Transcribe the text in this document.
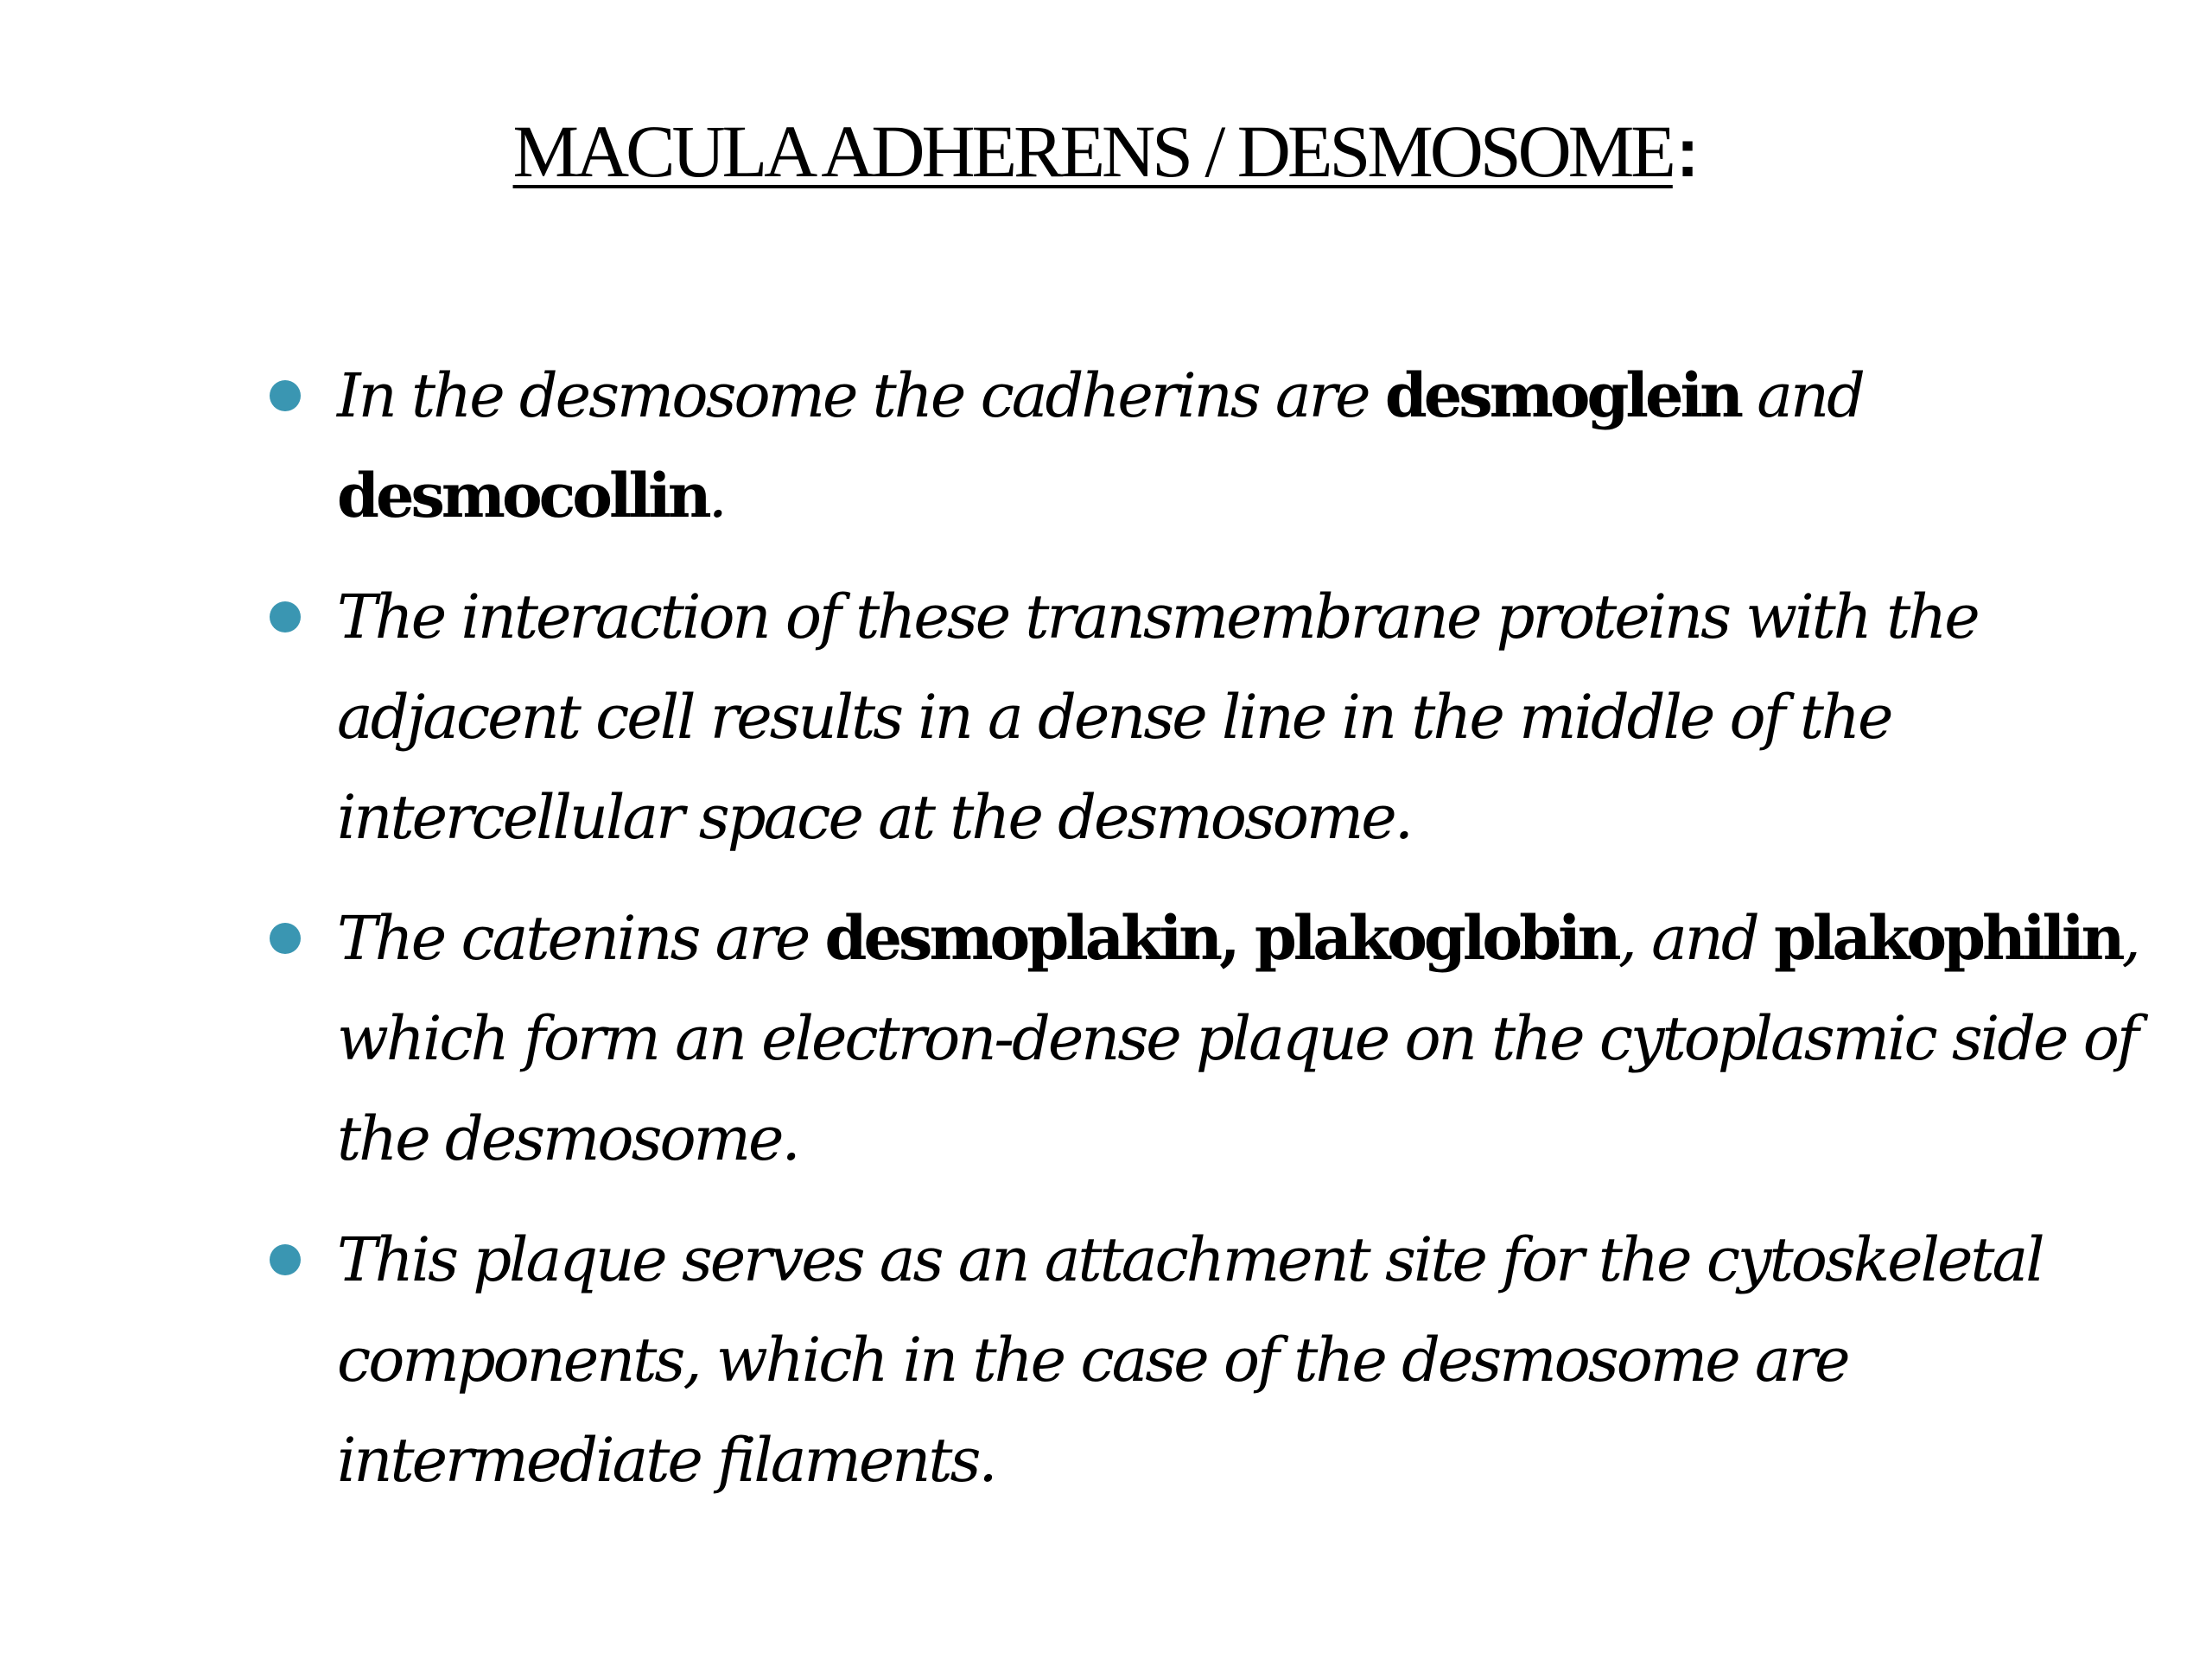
MACULA ADHERENS / DESMOSOME:
In the desmosome the cadherins are desmoglein and desmocollin.
The interaction of these transmembrane proteins with the adjacent cell results in a dense line in the middle of the intercellular space at the desmosome.
The catenins are desmoplakin, plakoglobin, and plakophilin, which form an electron-dense plaque on the cytoplasmic side of the desmosome.
This plaque serves as an attachment site for the cytoskeletal components, which in the case of the desmosome are intermediate filaments.
